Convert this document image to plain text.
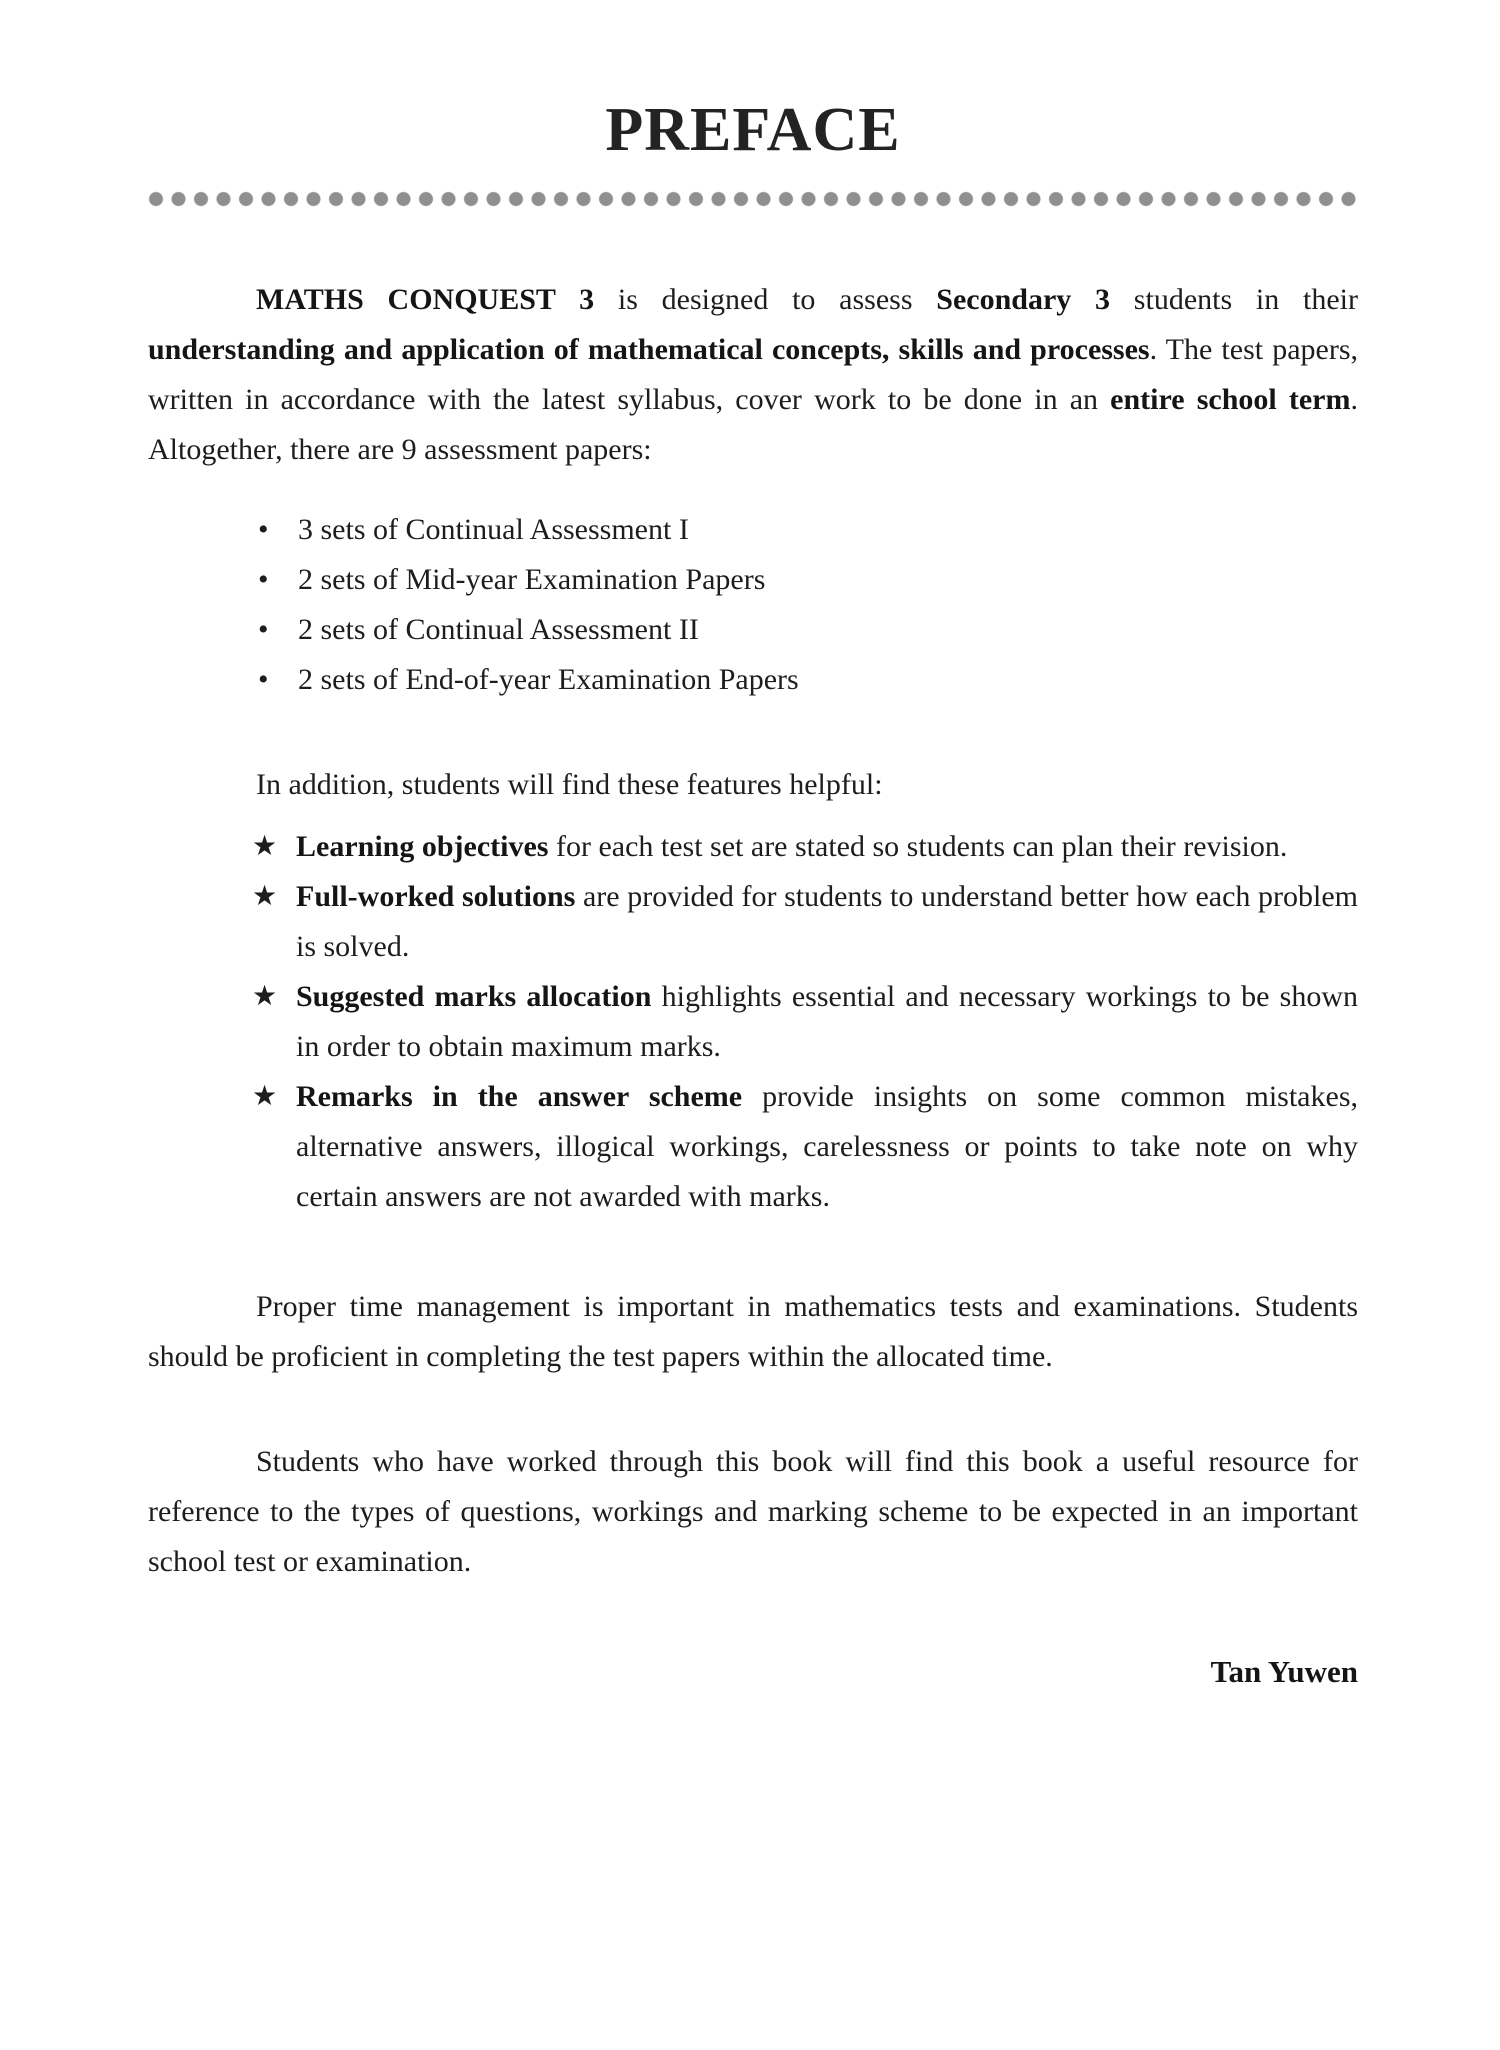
PREFACE

MATHS CONQUEST 3 is designed to assess Secondary 3 students in their understanding and application of mathematical concepts, skills and processes. The test papers, written in accordance with the latest syllabus, cover work to be done in an entire school term. Altogether, there are 9 assessment papers:

• 3 sets of Continual Assessment I
• 2 sets of Mid-year Examination Papers
• 2 sets of Continual Assessment II
• 2 sets of End-of-year Examination Papers

In addition, students will find these features helpful:

★ Learning objectives for each test set are stated so students can plan their revision.
★ Full-worked solutions are provided for students to understand better how each problem is solved.
★ Suggested marks allocation highlights essential and necessary workings to be shown in order to obtain maximum marks.
★ Remarks in the answer scheme provide insights on some common mistakes, alternative answers, illogical workings, carelessness or points to take note on why certain answers are not awarded with marks.

Proper time management is important in mathematics tests and examinations. Students should be proficient in completing the test papers within the allocated time.

Students who have worked through this book will find this book a useful resource for reference to the types of questions, workings and marking scheme to be expected in an important school test or examination.

Tan Yuwen
